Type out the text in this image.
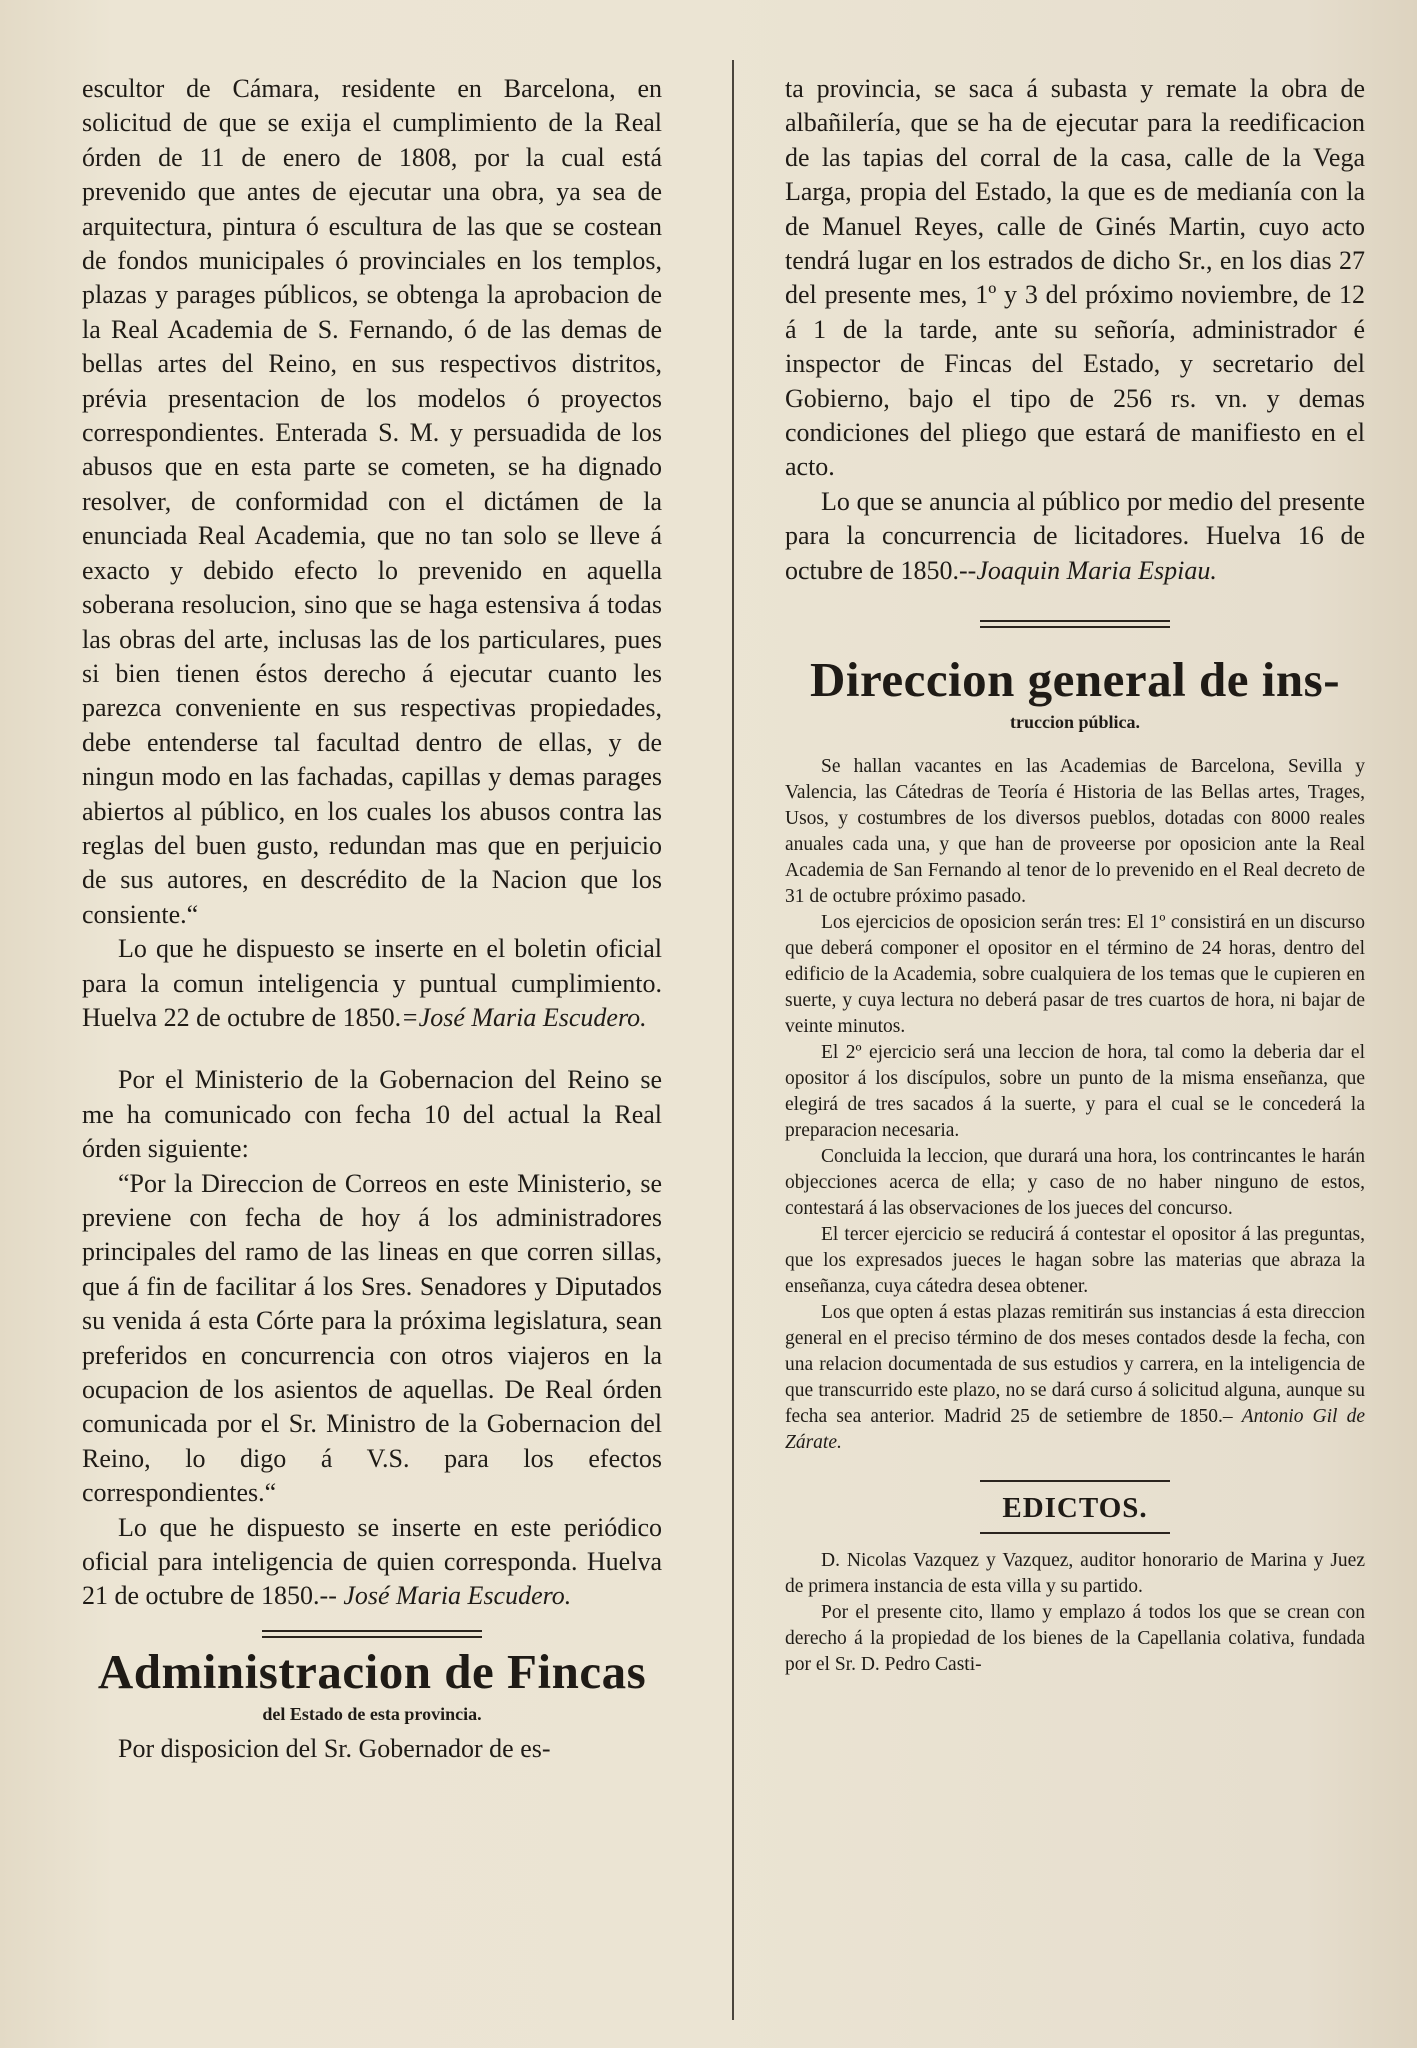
escultor de Cámara, residente en Barcelona, en solicitud de que se exija el cumplimiento de la Real órden de 11 de enero de 1808, por la cual está prevenido que antes de ejecutar una obra, ya sea de arquitectura, pintura ó escultura de las que se costean de fondos municipales ó provinciales en los templos, plazas y parages públicos, se obtenga la aprobacion de la Real Academia de S. Fernando, ó de las demas de bellas artes del Reino, en sus respectivos distritos, prévia presentacion de los modelos ó proyectos correspondientes. Enterada S. M. y persuadida de los abusos que en esta parte se cometen, se ha dignado resolver, de conformidad con el dictámen de la enunciada Real Academia, que no tan solo se lleve á exacto y debido efecto lo prevenido en aquella soberana resolucion, sino que se haga estensiva á todas las obras del arte, inclusas las de los particulares, pues si bien tienen éstos derecho á ejecutar cuanto les parezca conveniente en sus respectivas propiedades, debe entenderse tal facultad dentro de ellas, y de ningun modo en las fachadas, capillas y demas parages abiertos al público, en los cuales los abusos contra las reglas del buen gusto, redundan mas que en perjuicio de sus autores, en descrédito de la Nacion que los consiente.“

Lo que he dispuesto se inserte en el boletin oficial para la comun inteligencia y puntual cumplimiento. Huelva 22 de octubre de 1850.=José Maria Escudero.

Por el Ministerio de la Gobernacion del Reino se me ha comunicado con fecha 10 del actual la Real órden siguiente:

“Por la Direccion de Correos en este Ministerio, se previene con fecha de hoy á los administradores principales del ramo de las lineas en que corren sillas, que á fin de facilitar á los Sres. Senadores y Diputados su venida á esta Córte para la próxima legislatura, sean preferidos en concurrencia con otros viajeros en la ocupacion de los asientos de aquellas. De Real órden comunicada por el Sr. Ministro de la Gobernacion del Reino, lo digo á V.S. para los efectos correspondientes.“

Lo que he dispuesto se inserte en este periódico oficial para inteligencia de quien corresponda. Huelva 21 de octubre de 1850.-- José Maria Escudero.

Administracion de Fincas
del Estado de esta provincia.

Por disposicion del Sr. Gobernador de es-

ta provincia, se saca á subasta y remate la obra de albañilería, que se ha de ejecutar para la reedificacion de las tapias del corral de la casa, calle de la Vega Larga, propia del Estado, la que es de medianía con la de Manuel Reyes, calle de Ginés Martin, cuyo acto tendrá lugar en los estrados de dicho Sr., en los dias 27 del presente mes, 1º y 3 del próximo noviembre, de 12 á 1 de la tarde, ante su señoría, administrador é inspector de Fincas del Estado, y secretario del Gobierno, bajo el tipo de 256 rs. vn. y demas condiciones del pliego que estará de manifiesto en el acto.

Lo que se anuncia al público por medio del presente para la concurrencia de licitadores. Huelva 16 de octubre de 1850.--Joaquin Maria Espiau.

Direccion general de ins-
truccion pública.

Se hallan vacantes en las Academias de Barcelona, Sevilla y Valencia, las Cátedras de Teoría é Historia de las Bellas artes, Trages, Usos, y costumbres de los diversos pueblos, dotadas con 8000 reales anuales cada una, y que han de proveerse por oposicion ante la Real Academia de San Fernando al tenor de lo prevenido en el Real decreto de 31 de octubre próximo pasado.

Los ejercicios de oposicion serán tres: El 1º consistirá en un discurso que deberá componer el opositor en el término de 24 horas, dentro del edificio de la Academia, sobre cualquiera de los temas que le cupieren en suerte, y cuya lectura no deberá pasar de tres cuartos de hora, ni bajar de veinte minutos.

El 2º ejercicio será una leccion de hora, tal como la deberia dar el opositor á los discípulos, sobre un punto de la misma enseñanza, que elegirá de tres sacados á la suerte, y para el cual se le concederá la preparacion necesaria.

Concluida la leccion, que durará una hora, los contrincantes le harán objecciones acerca de ella; y caso de no haber ninguno de estos, contestará á las observaciones de los jueces del concurso.

El tercer ejercicio se reducirá á contestar el opositor á las preguntas, que los expresados jueces le hagan sobre las materias que abraza la enseñanza, cuya cátedra desea obtener.

Los que opten á estas plazas remitirán sus instancias á esta direccion general en el preciso término de dos meses contados desde la fecha, con una relacion documentada de sus estudios y carrera, en la inteligencia de que transcurrido este plazo, no se dará curso á solicitud alguna, aunque su fecha sea anterior. Madrid 25 de setiembre de 1850.– Antonio Gil de Zárate.

EDICTOS.

D. Nicolas Vazquez y Vazquez, auditor honorario de Marina y Juez de primera instancia de esta villa y su partido.

Por el presente cito, llamo y emplazo á todos los que se crean con derecho á la propiedad de los bienes de la Capellania colativa, fundada por el Sr. D. Pedro Casti-
